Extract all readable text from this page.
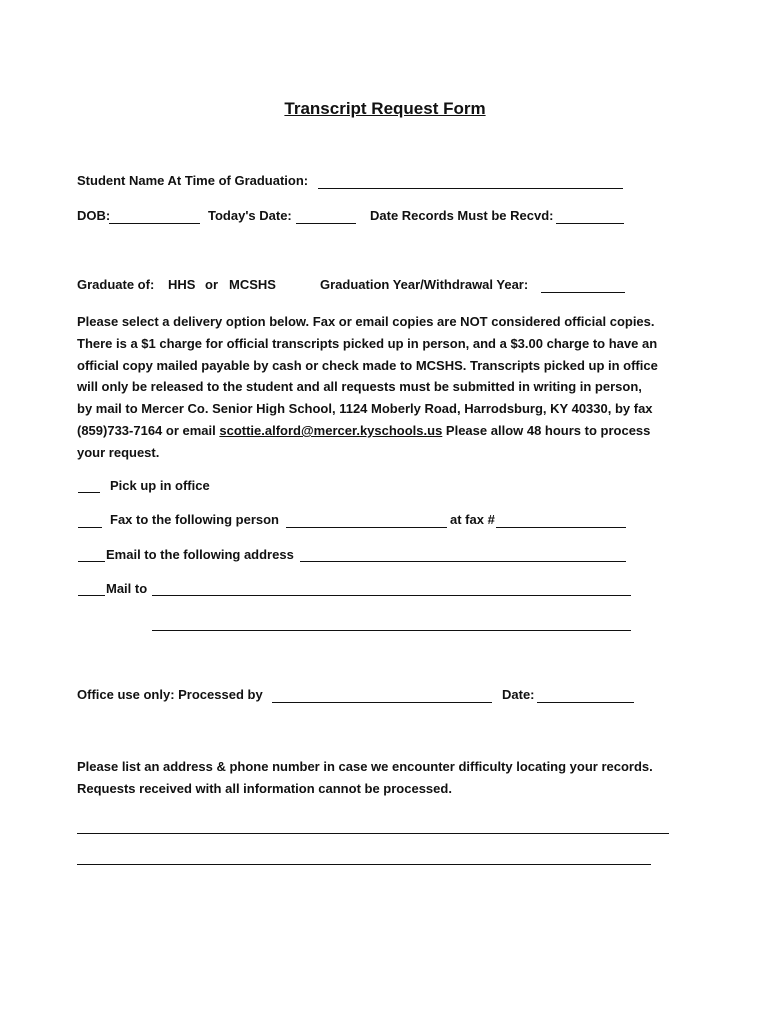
Transcript Request Form
Student Name At Time of Graduation:
DOB:	Today's Date:	Date Records Must be Recvd:
Graduate of: HHS or MCSHS	Graduation Year/Withdrawal Year:
Please select a delivery option below. Fax or email copies are NOT considered official copies.
There is a $1 charge for official transcripts picked up in person, and a $3.00 charge to have an
official copy mailed payable by cash or check made to MCSHS. Transcripts picked up in office
will only be released to the student and all requests must be submitted in writing in person,
by mail to Mercer Co. Senior High School, 1124 Moberly Road, Harrodsburg, KY 40330, by fax
(859)733-7164 or email scottie.alford@mercer.kyschools.us Please allow 48 hours to process
your request.
Pick up in office
Fax to the following person	at fax #
Email to the following address
Mail to
Office use only: Processed by	Date:
Please list an address & phone number in case we encounter difficulty locating your records.
Requests received with all information cannot be processed.
